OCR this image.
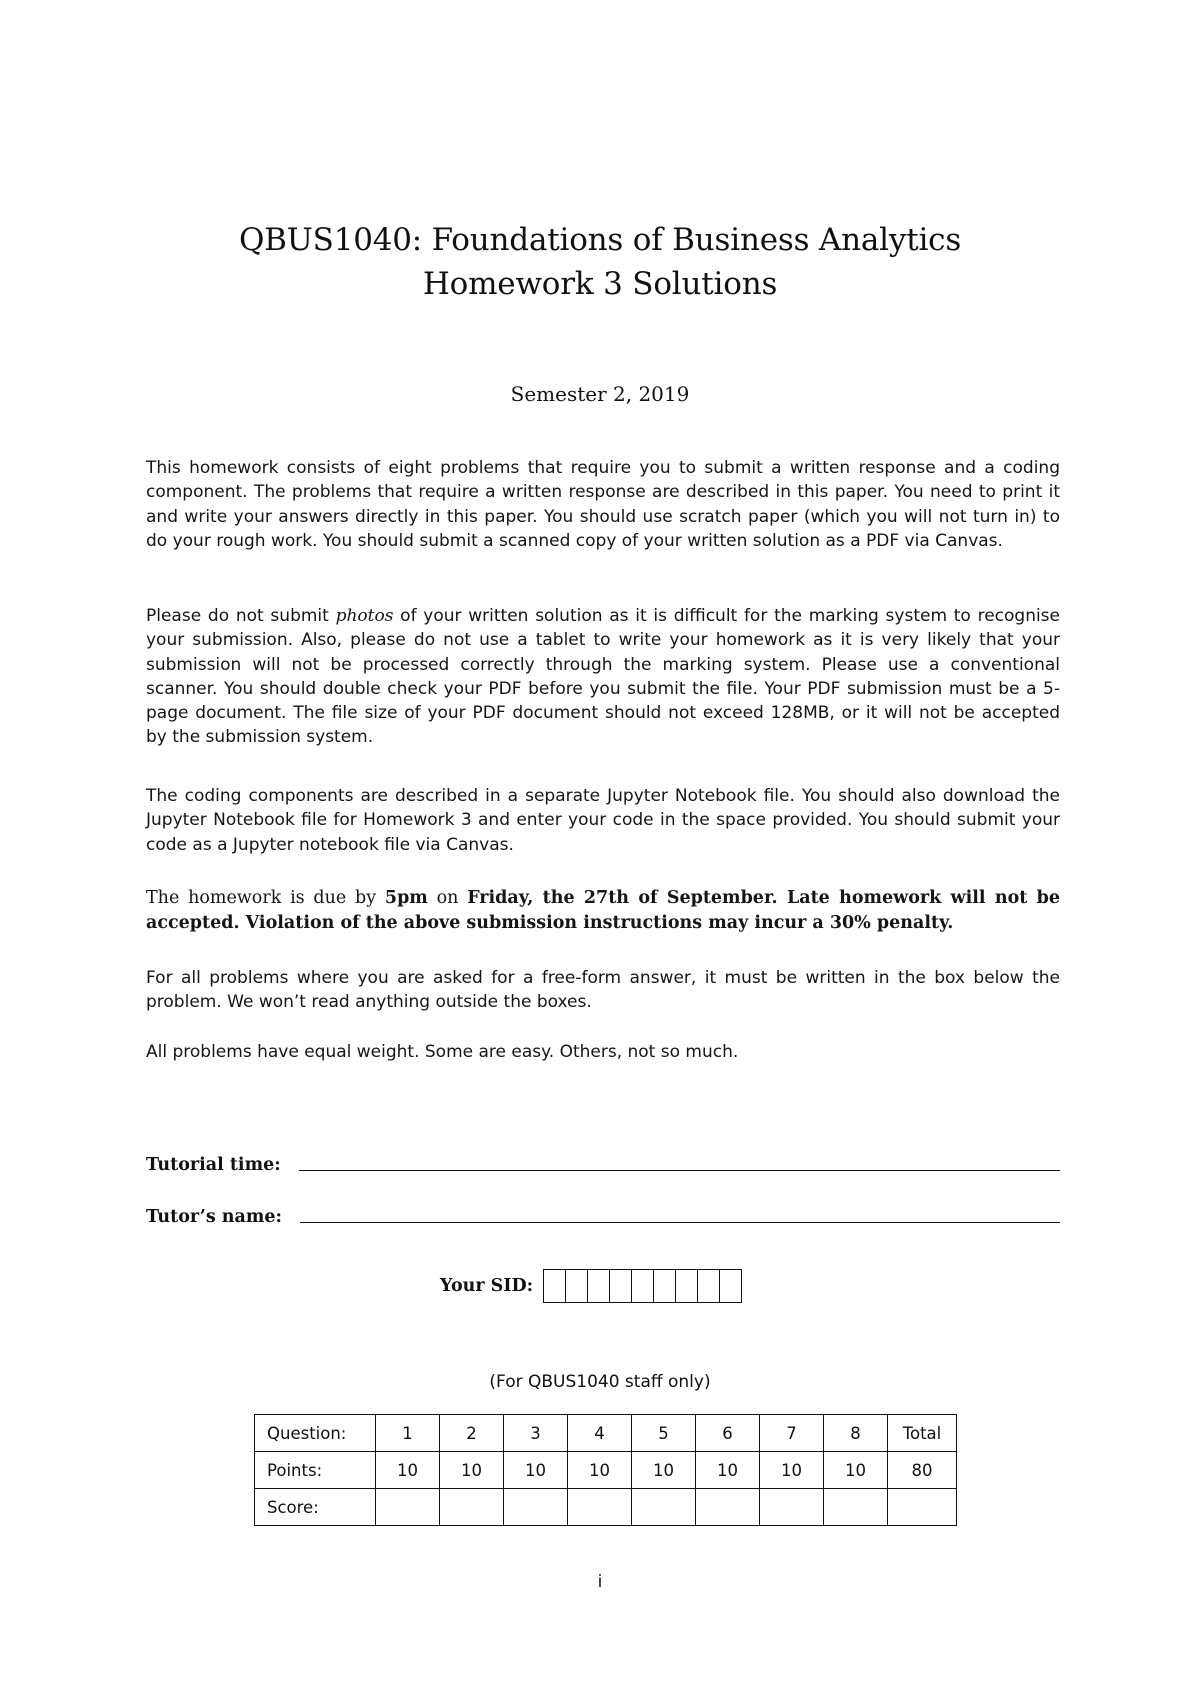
QBUS1040: Foundations of Business Analytics
Homework 3 Solutions
Semester 2, 2019

This homework consists of eight problems that require you to submit a written response and a coding component. The problems that require a written response are described in this paper. You need to print it and write your answers directly in this paper. You should use scratch paper (which you will not turn in) to do your rough work. You should submit a scanned copy of your written solution as a PDF via Canvas.

Please do not submit photos of your written solution as it is difficult for the marking system to recognise your submission. Also, please do not use a tablet to write your homework as it is very likely that your submission will not be processed correctly through the marking system. Please use a conventional scanner. You should double check your PDF before you submit the file. Your PDF submission must be a 5-page document. The file size of your PDF document should not exceed 128MB, or it will not be accepted by the submission system.

The coding components are described in a separate Jupyter Notebook file. You should also download the Jupyter Notebook file for Homework 3 and enter your code in the space provided. You should submit your code as a Jupyter notebook file via Canvas.

The homework is due by 5pm on Friday, the 27th of September. Late homework will not be accepted. Violation of the above submission instructions may incur a 30% penalty.

For all problems where you are asked for a free-form answer, it must be written in the box below the problem. We won’t read anything outside the boxes.

All problems have equal weight. Some are easy. Others, not so much.

Tutorial time:
Tutor’s name:
Your SID:
(For QBUS1040 staff only)
Question:	1	2	3	4	5	6	7	8	Total
Points:	10	10	10	10	10	10	10	10	80
Score:									
i
